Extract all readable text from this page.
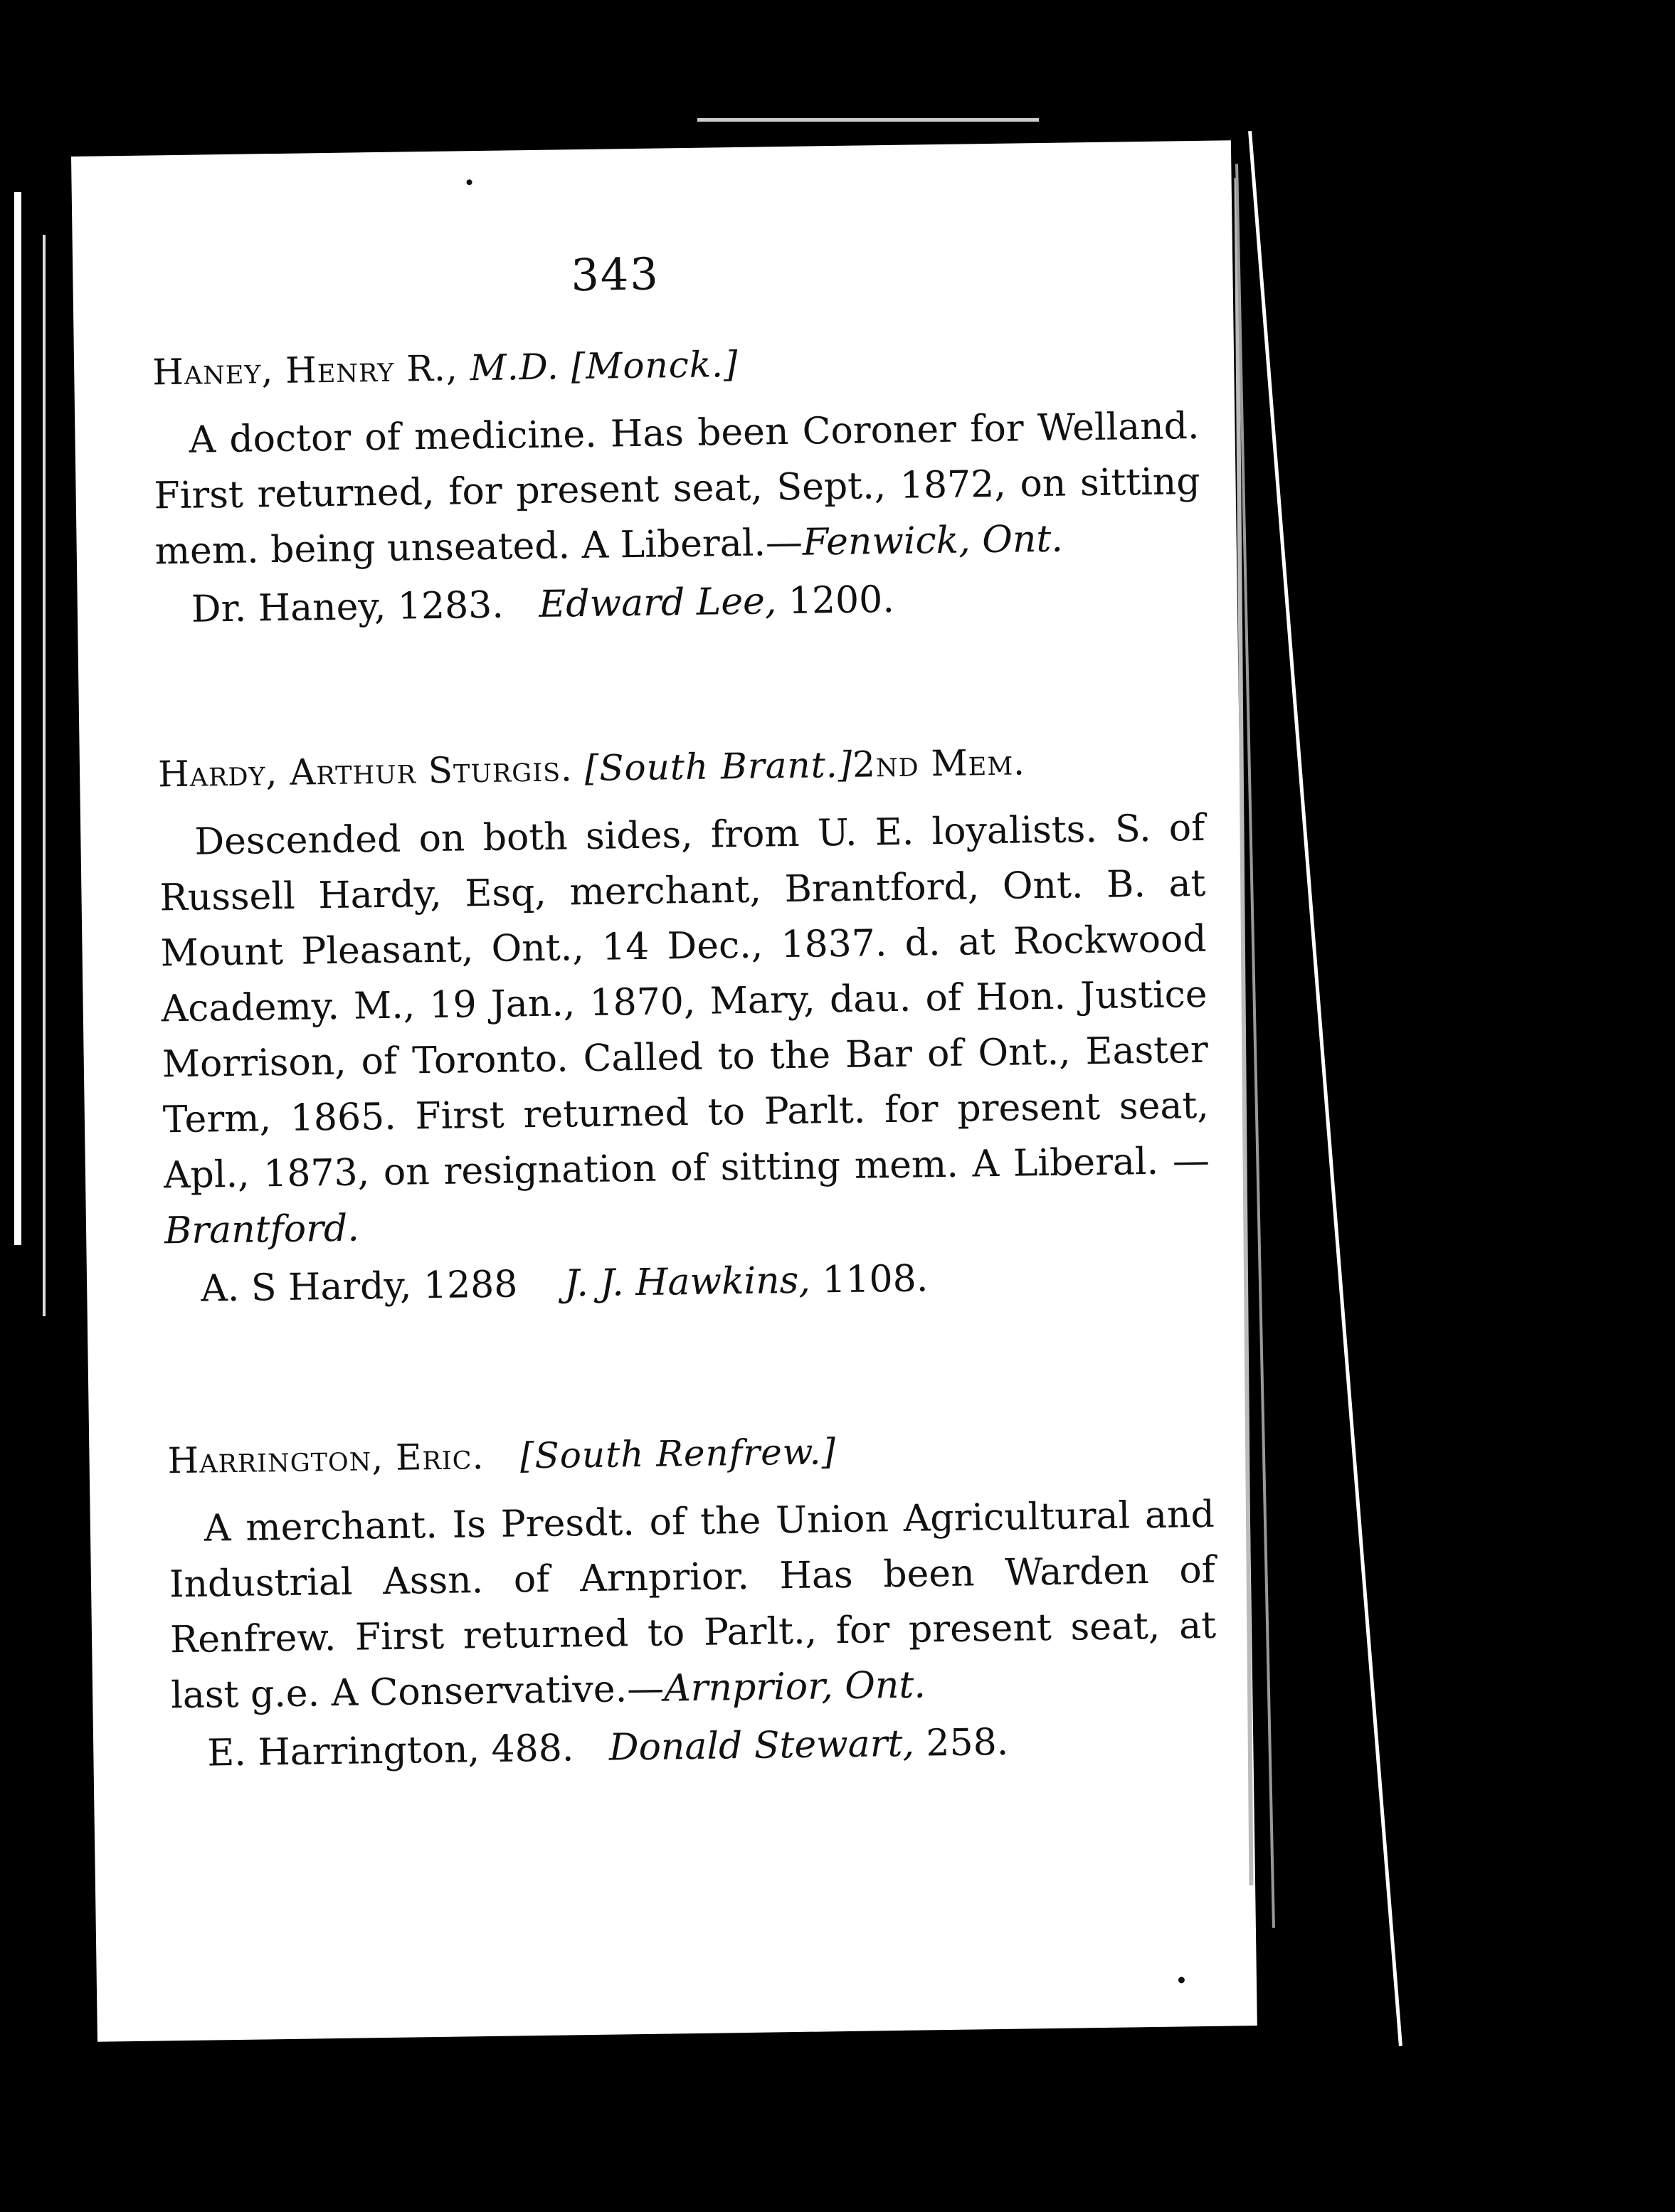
343
Haney, Henry R., M.D. [Monck.]
A doctor of medicine. Has been Coroner for Welland. First returned, for present seat, Sept., 1872, on sitting mem. being unseated. A Liberal.—Fenwick, Ont.
Dr. Haney, 1283. Edward Lee, 1200.
Hardy, Arthur Sturgis. [South Brant.]2nd Mem.
Descended on both sides, from U. E. loyalists. S. of Russell Hardy, Esq, merchant, Brantford, Ont. B. at Mount Pleasant, Ont., 14 Dec., 1837. d. at Rockwood Academy. M., 19 Jan., 1870, Mary, dau. of Hon. Justice Morrison, of Toronto. Called to the Bar of Ont., Easter Term, 1865. First returned to Parlt. for present seat, Apl., 1873, on resignation of sitting mem. A Liberal. —Brantford.
A. S Hardy, 1288 J. J. Hawkins, 1108.
Harrington, Eric. [South Renfrew.]
A merchant. Is Presdt. of the Union Agricultural and Industrial Assn. of Arnprior. Has been Warden of Renfrew. First returned to Parlt., for present seat, at last g.e. A Conservative.—Arnprior, Ont.
E. Harrington, 488. Donald Stewart, 258.
